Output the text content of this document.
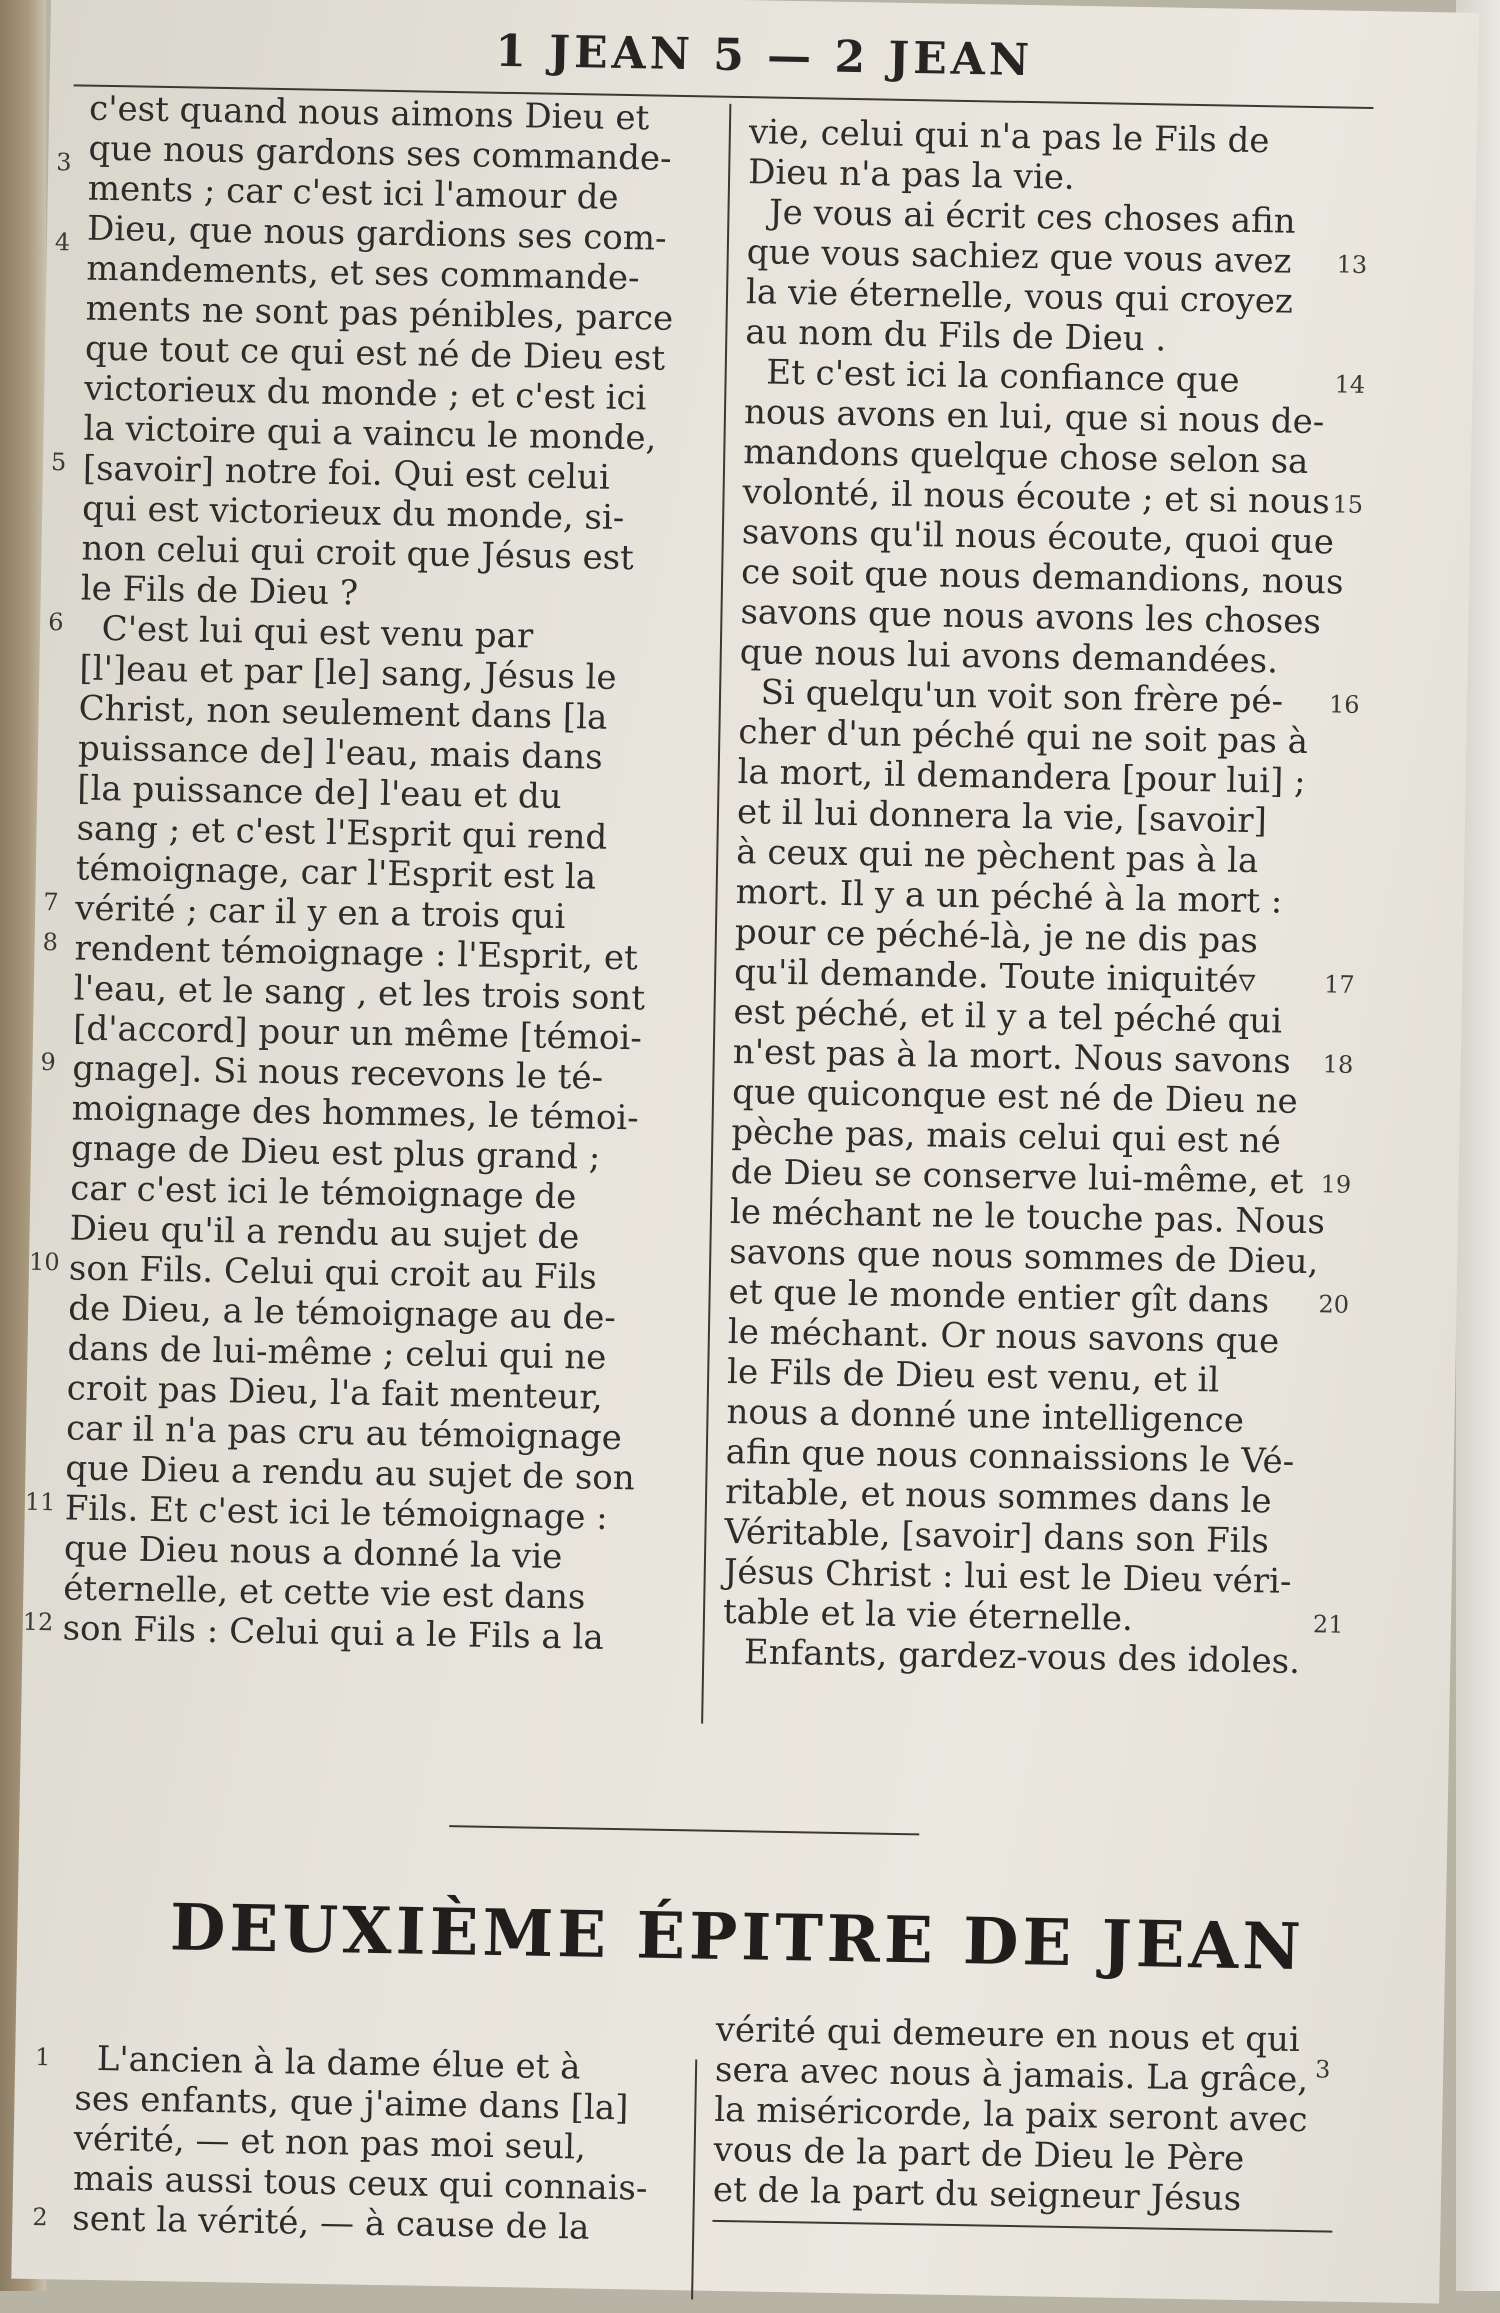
1 JEAN 5 — 2 JEAN

c'est quand nous aimons Dieu et

que nous gardons ses commande-

ments ; car c'est ici l'amour de

Dieu, que nous gardions ses com-

mandements, et ses commande-

ments ne sont pas pénibles, parce

que tout ce qui est né de Dieu est

victorieux du monde ; et c'est ici

la victoire qui a vaincu le monde,

[savoir] notre foi. Qui est celui

qui est victorieux du monde, si-

non celui qui croit que Jésus est

le Fils de Dieu ?

C'est lui qui est venu par

[l']eau et par [le] sang, Jésus le

Christ, non seulement dans [la

puissance de] l'eau, mais dans

[la puissance de] l'eau et du

sang ; et c'est l'Esprit qui rend

témoignage, car l'Esprit est la

vérité ; car il y en a trois qui

rendent témoignage : l'Esprit, et

l'eau, et le sang , et les trois sont

[d'accord] pour un même [témoi-

gnage]. Si nous recevons le té-

moignage des hommes, le témoi-

gnage de Dieu est plus grand ;

car c'est ici le témoignage de

Dieu qu'il a rendu au sujet de

son Fils. Celui qui croit au Fils

de Dieu, a le témoignage au de-

dans de lui-même ; celui qui ne

croit pas Dieu, l'a fait menteur,

car il n'a pas cru au témoignage

que Dieu a rendu au sujet de son

Fils. Et c'est ici le témoignage :

que Dieu nous a donné la vie

éternelle, et cette vie est dans

son Fils : Celui qui a le Fils a la

vie, celui qui n'a pas le Fils de

Dieu n'a pas la vie.

Je vous ai écrit ces choses afin

que vous sachiez que vous avez

la vie éternelle, vous qui croyez

au nom du Fils de Dieu .

Et c'est ici la confiance que

nous avons en lui, que si nous de-

mandons quelque chose selon sa

volonté, il nous écoute ; et si nous

savons qu'il nous écoute, quoi que

ce soit que nous demandions, nous

savons que nous avons les choses

que nous lui avons demandées.

Si quelqu'un voit son frère pé-

cher d'un péché qui ne soit pas à

la mort, il demandera [pour lui] ;

et il lui donnera la vie, [savoir]

à ceux qui ne pèchent pas à la

mort. Il y a un péché à la mort :

pour ce péché-là, je ne dis pas

qu'il demande. Toute iniquité▿

est péché, et il y a tel péché qui

n'est pas à la mort. Nous savons

que quiconque est né de Dieu ne

pèche pas, mais celui qui est né

de Dieu se conserve lui-même, et

le méchant ne le touche pas. Nous

savons que nous sommes de Dieu,

et que le monde entier gît dans

le méchant. Or nous savons que

le Fils de Dieu est venu, et il

nous a donné une intelligence

afin que nous connaissions le Vé-

ritable, et nous sommes dans le

Véritable, [savoir] dans son Fils

Jésus Christ : lui est le Dieu véri-

table et la vie éternelle.

Enfants, gardez-vous des idoles.

3
4
5
6
7
8
9
10
11
12
13
14
15
16
17
18
19
20
21
DEUXIÈME ÉPITRE DE JEAN

L'ancien à la dame élue et à

ses enfants, que j'aime dans [la]

vérité, — et non pas moi seul,

mais aussi tous ceux qui connais-

sent la vérité, — à cause de la

vérité qui demeure en nous et qui

sera avec nous à jamais. La grâce,

la miséricorde, la paix seront avec

vous de la part de Dieu le Père

et de la part du seigneur Jésus

1
2
3
